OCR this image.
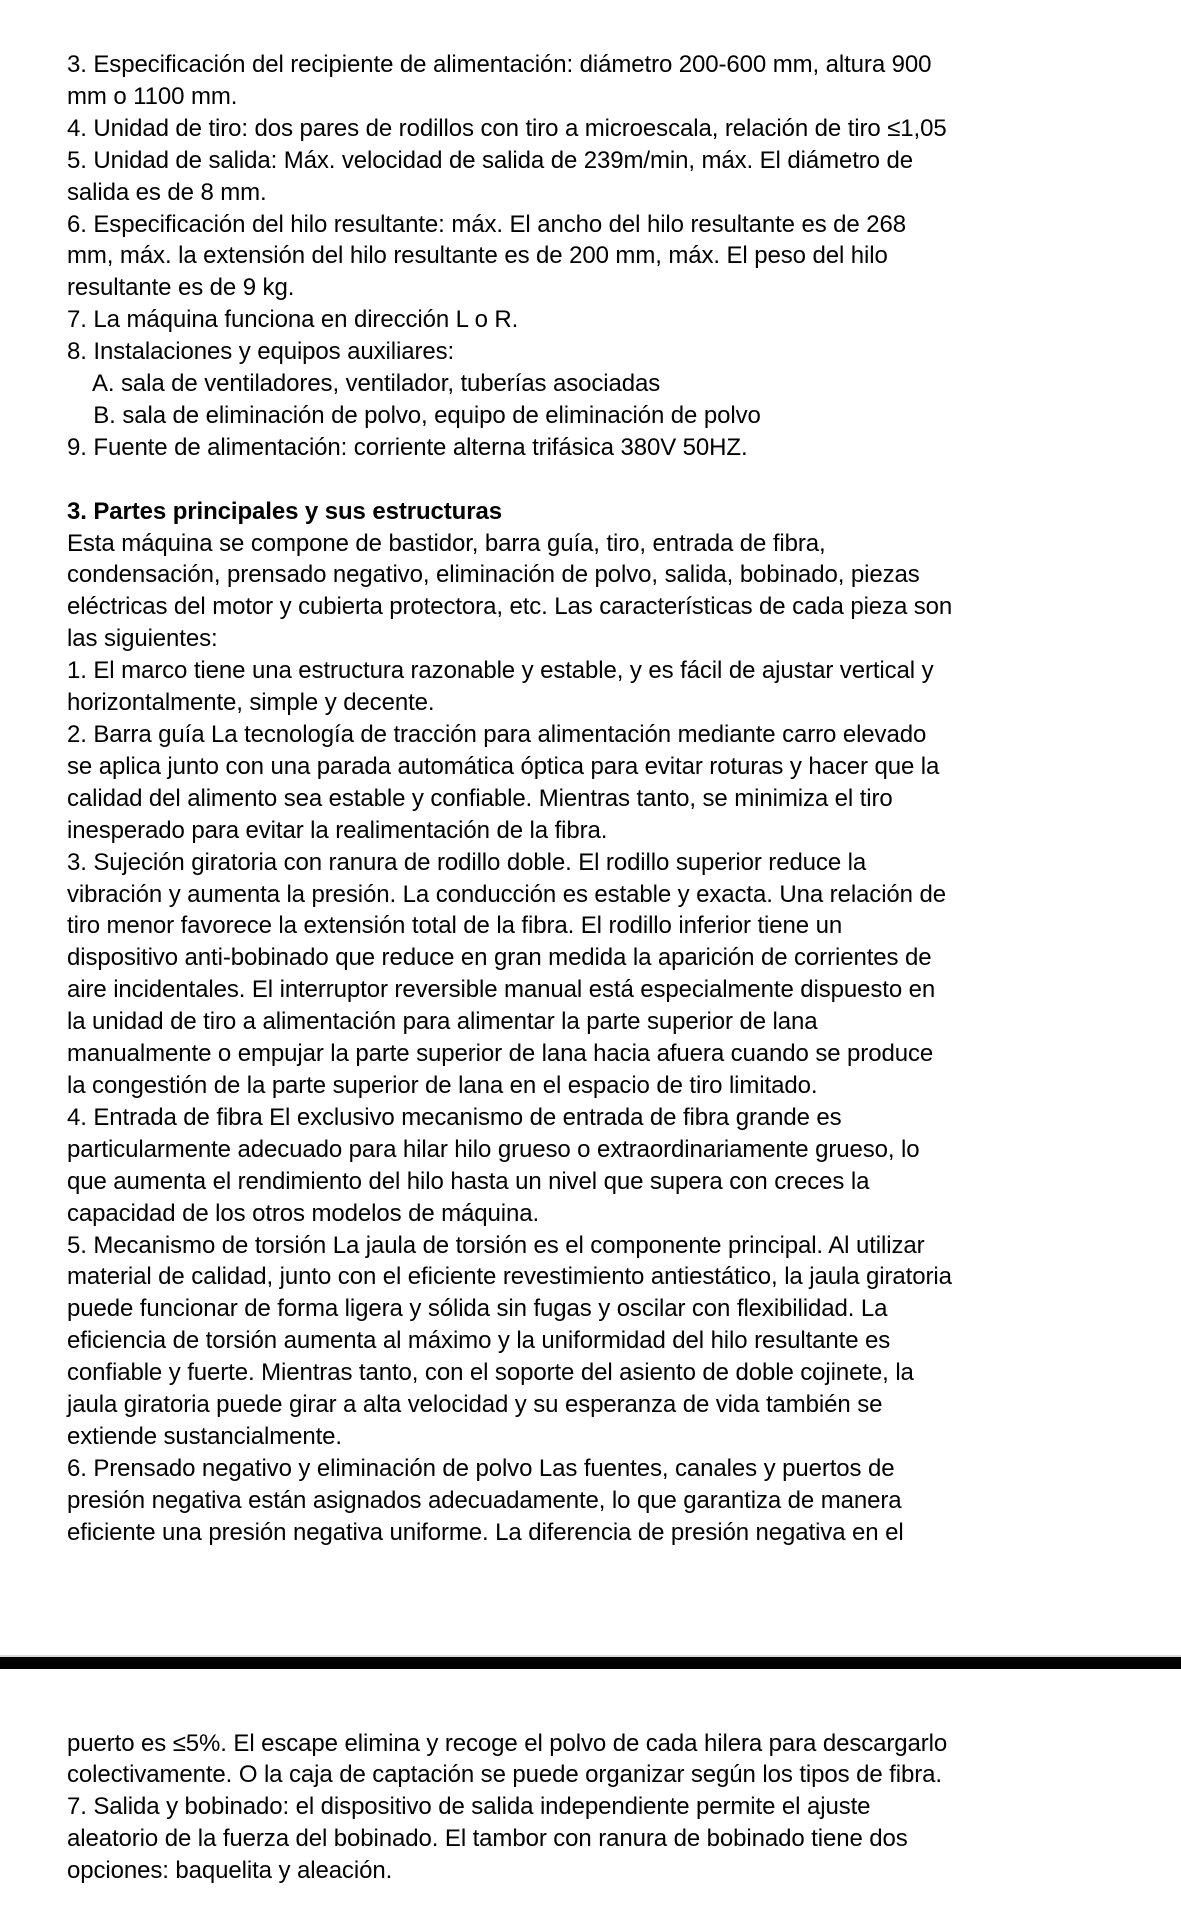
3. Especificación del recipiente de alimentación: diámetro 200-600 mm, altura 900
mm o 1100 mm.
4. Unidad de tiro: dos pares de rodillos con tiro a microescala, relación de tiro ≤1,05
5. Unidad de salida: Máx. velocidad de salida de 239m/min, máx. El diámetro de
salida es de 8 mm.
6. Especificación del hilo resultante: máx. El ancho del hilo resultante es de 268
mm, máx. la extensión del hilo resultante es de 200 mm, máx. El peso del hilo
resultante es de 9 kg.
7. La máquina funciona en dirección L o R.
8. Instalaciones y equipos auxiliares:
A. sala de ventiladores, ventilador, tuberías asociadas
B. sala de eliminación de polvo, equipo de eliminación de polvo
9. Fuente de alimentación: corriente alterna trifásica 380V 50HZ.
3. Partes principales y sus estructuras
Esta máquina se compone de bastidor, barra guía, tiro, entrada de fibra,
condensación, prensado negativo, eliminación de polvo, salida, bobinado, piezas
eléctricas del motor y cubierta protectora, etc. Las características de cada pieza son
las siguientes:
1. El marco tiene una estructura razonable y estable, y es fácil de ajustar vertical y
horizontalmente, simple y decente.
2. Barra guía La tecnología de tracción para alimentación mediante carro elevado
se aplica junto con una parada automática óptica para evitar roturas y hacer que la
calidad del alimento sea estable y confiable. Mientras tanto, se minimiza el tiro
inesperado para evitar la realimentación de la fibra.
3. Sujeción giratoria con ranura de rodillo doble. El rodillo superior reduce la
vibración y aumenta la presión. La conducción es estable y exacta. Una relación de
tiro menor favorece la extensión total de la fibra. El rodillo inferior tiene un
dispositivo anti-bobinado que reduce en gran medida la aparición de corrientes de
aire incidentales. El interruptor reversible manual está especialmente dispuesto en
la unidad de tiro a alimentación para alimentar la parte superior de lana
manualmente o empujar la parte superior de lana hacia afuera cuando se produce
la congestión de la parte superior de lana en el espacio de tiro limitado.
4. Entrada de fibra El exclusivo mecanismo de entrada de fibra grande es
particularmente adecuado para hilar hilo grueso o extraordinariamente grueso, lo
que aumenta el rendimiento del hilo hasta un nivel que supera con creces la
capacidad de los otros modelos de máquina.
5. Mecanismo de torsión La jaula de torsión es el componente principal. Al utilizar
material de calidad, junto con el eficiente revestimiento antiestático, la jaula giratoria
puede funcionar de forma ligera y sólida sin fugas y oscilar con flexibilidad. La
eficiencia de torsión aumenta al máximo y la uniformidad del hilo resultante es
confiable y fuerte. Mientras tanto, con el soporte del asiento de doble cojinete, la
jaula giratoria puede girar a alta velocidad y su esperanza de vida también se
extiende sustancialmente.
6. Prensado negativo y eliminación de polvo Las fuentes, canales y puertos de
presión negativa están asignados adecuadamente, lo que garantiza de manera
eficiente una presión negativa uniforme. La diferencia de presión negativa en el
puerto es ≤5%. El escape elimina y recoge el polvo de cada hilera para descargarlo
colectivamente. O la caja de captación se puede organizar según los tipos de fibra.
7. Salida y bobinado: el dispositivo de salida independiente permite el ajuste
aleatorio de la fuerza del bobinado. El tambor con ranura de bobinado tiene dos
opciones: baquelita y aleación.
